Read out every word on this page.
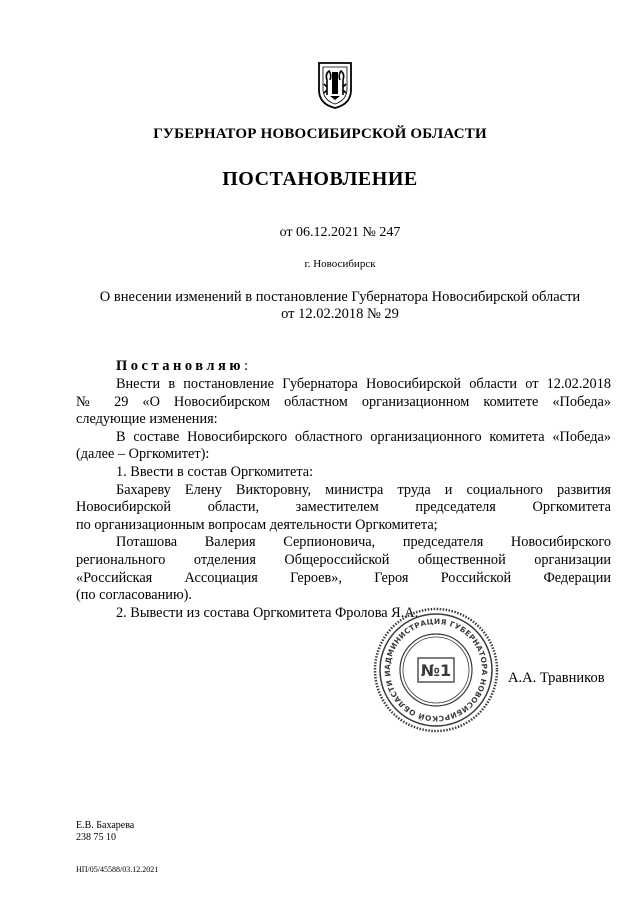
ГУБЕРНАТОР НОВОСИБИРСКОЙ ОБЛАСТИ
ПОСТАНОВЛЕНИЕ
от 06.12.2021 № 247
г. Новосибирск
О внесении изменений в постановление Губернатора Новосибирской области
от 12.02.2018 № 29
Постановляю:
Внести в постановление Губернатора Новосибирской области от 12.02.2018
№ 29 «О Новосибирском областном организационном комитете «Победа»
следующие изменения:
В составе Новосибирского областного организационного комитета «Победа»
(далее – Оргкомитет):
1. Ввести в состав Оргкомитета:
Бахареву Елену Викторовну, министра труда и социального развития
Новосибирской области, заместителем председателя Оргкомитета
по организационным вопросам деятельности Оргкомитета;
Поташова Валерия Серпионовича, председателя Новосибирского
регионального отделения Общероссийской общественной организации
«Российская Ассоциация Героев», Героя Российской Федерации
(по согласованию).
2. Вывести из состава Оргкомитета Фролова Я.А.
АДМИНИСТРАЦИЯ ГУБЕРНАТОРА НОВОСИБИРСКОЙ ОБЛАСТИ И	№1	А.А. Травников
Е.В. Бахарева
238 75 10
НП/05/45588/03.12.2021
